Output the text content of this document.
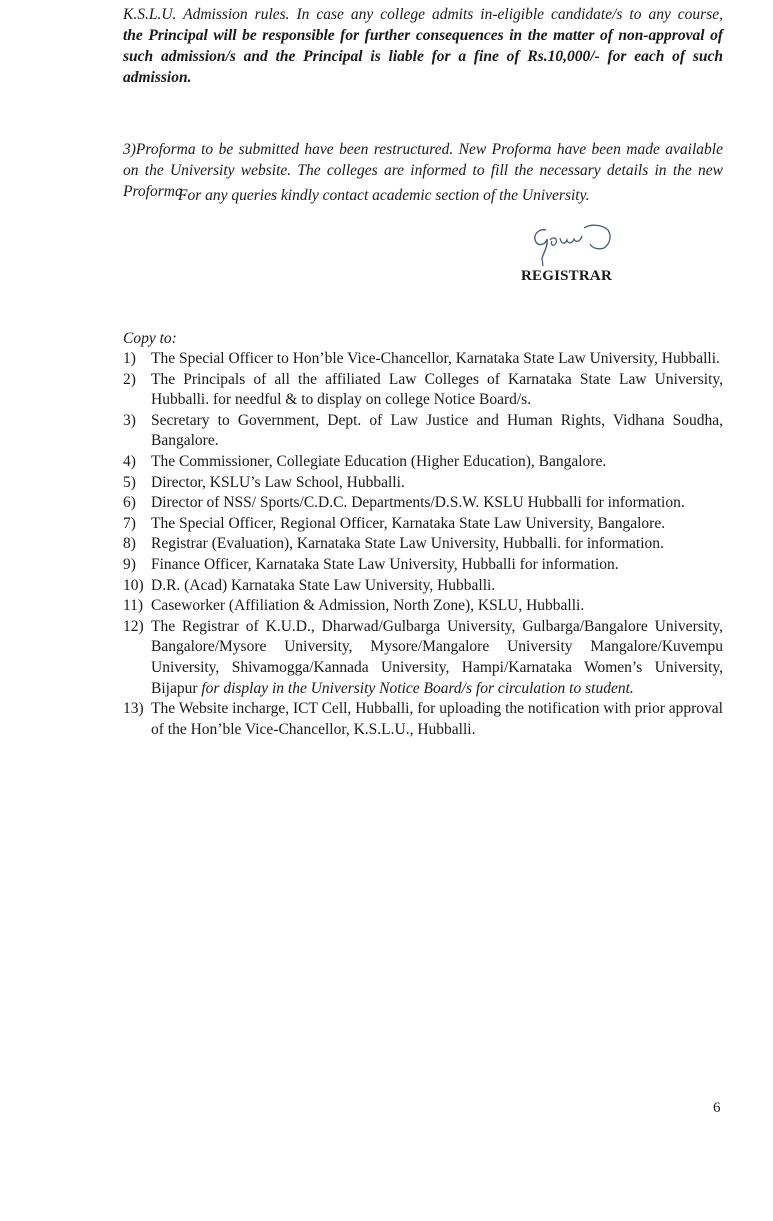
K.S.L.U. Admission rules. In case any college admits in-eligible candidate/s to any course,
the Principal will be responsible for further consequences in the matter of non-approval of such admission/s and the Principal is liable for a fine of Rs.10,000/- for each of such admission.

3)Proforma to be submitted have been restructured. New Proforma have been made available on the University website. The colleges are informed to fill the necessary details in the new Proforma.

For any queries kindly contact academic section of the University.
REGISTRAR
Copy to:
1) The Special Officer to Hon’ble Vice-Chancellor, Karnataka State Law University, Hubballi.
2) The Principals of all the affiliated Law Colleges of Karnataka State Law University, Hubballi. for needful & to display on college Notice Board/s.
3) Secretary to Government, Dept. of Law Justice and Human Rights, Vidhana Soudha, Bangalore.
4) The Commissioner, Collegiate Education (Higher Education), Bangalore.
5) Director, KSLU’s Law School, Hubballi.
6) Director of NSS/ Sports/C.D.C. Departments/D.S.W. KSLU Hubballi for information.
7) The Special Officer, Regional Officer, Karnataka State Law University, Bangalore.
8) Registrar (Evaluation), Karnataka State Law University, Hubballi. for information.
9) Finance Officer, Karnataka State Law University, Hubballi for information.
10) D.R. (Acad) Karnataka State Law University, Hubballi.
11) Caseworker (Affiliation & Admission, North Zone), KSLU, Hubballi.
12) The Registrar of K.U.D., Dharwad/Gulbarga University, Gulbarga/Bangalore University, Bangalore/Mysore University, Mysore/Mangalore University Mangalore/Kuvempu University, Shivamogga/Kannada University, Hampi/Karnataka Women’s University, Bijapur for display in the University Notice Board/s for circulation to student.
13) The Website incharge, ICT Cell, Hubballi, for uploading the notification with prior approval of the Hon’ble Vice-Chancellor, K.S.L.U., Hubballi.
6
